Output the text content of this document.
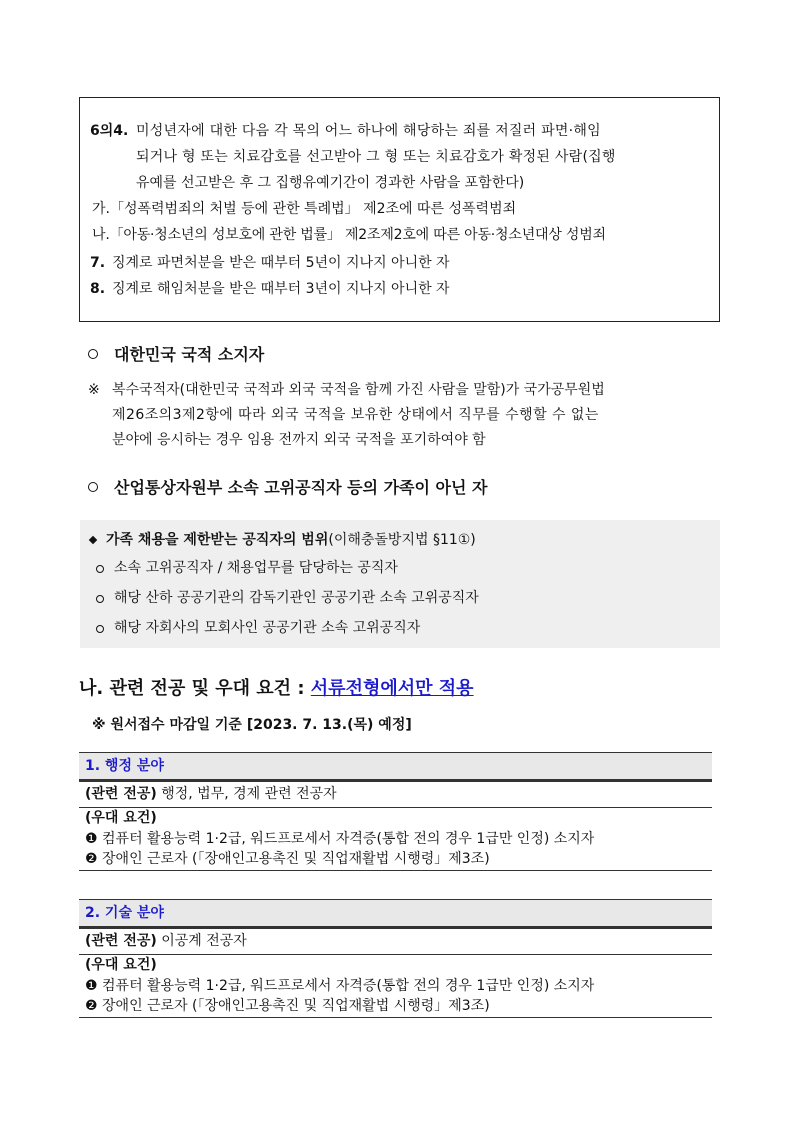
6의4. 미성년자에 대한 다음 각 목의 어느 하나에 해당하는 죄를 저질러 파면·해임
되거나 형 또는 치료감호를 선고받아 그 형 또는 치료감호가 확정된 사람(집행
유예를 선고받은 후 그 집행유예기간이 경과한 사람을 포함한다)
가.「성폭력범죄의 처벌 등에 관한 특례법」 제2조에 따른 성폭력범죄
나.「아동·청소년의 성보호에 관한 법률」 제2조제2호에 따른 아동·청소년대상 성범죄
7. 징계로 파면처분을 받은 때부터 5년이 지나지 아니한 자
8. 징계로 해임처분을 받은 때부터 3년이 지나지 아니한 자
대한민국 국적 소지자
※ 복수국적자(대한민국 국적과 외국 국적을 함께 가진 사람을 말함)가 국가공무원법
제26조의3제2항에 따라 외국 국적을 보유한 상태에서 직무를 수행할 수 없는
분야에 응시하는 경우 임용 전까지 외국 국적을 포기하여야 함
산업통상자원부 소속 고위공직자 등의 가족이 아닌 자
가족 채용을 제한받는 공직자의 범위(이해충돌방지법 §11①)
소속 고위공직자 / 채용업무를 담당하는 공직자
해당 산하 공공기관의 감독기관인 공공기관 소속 고위공직자
해당 자회사의 모회사인 공공기관 소속 고위공직자
나. 관련 전공 및 우대 요건 : 서류전형에서만 적용
※ 원서접수 마감일 기준 [2023. 7. 13.(목) 예정]
1. 행정 분야
(관련 전공) 행정, 법무, 경제 관련 전공자
(우대 요건)
❶ 컴퓨터 활용능력 1·2급, 워드프로세서 자격증(통합 전의 경우 1급만 인정) 소지자
❷ 장애인 근로자 (「장애인고용촉진 및 직업재활법 시행령」제3조)
2. 기술 분야
(관련 전공) 이공계 전공자
(우대 요건)
❶ 컴퓨터 활용능력 1·2급, 워드프로세서 자격증(통합 전의 경우 1급만 인정) 소지자
❷ 장애인 근로자 (「장애인고용촉진 및 직업재활법 시행령」제3조)
